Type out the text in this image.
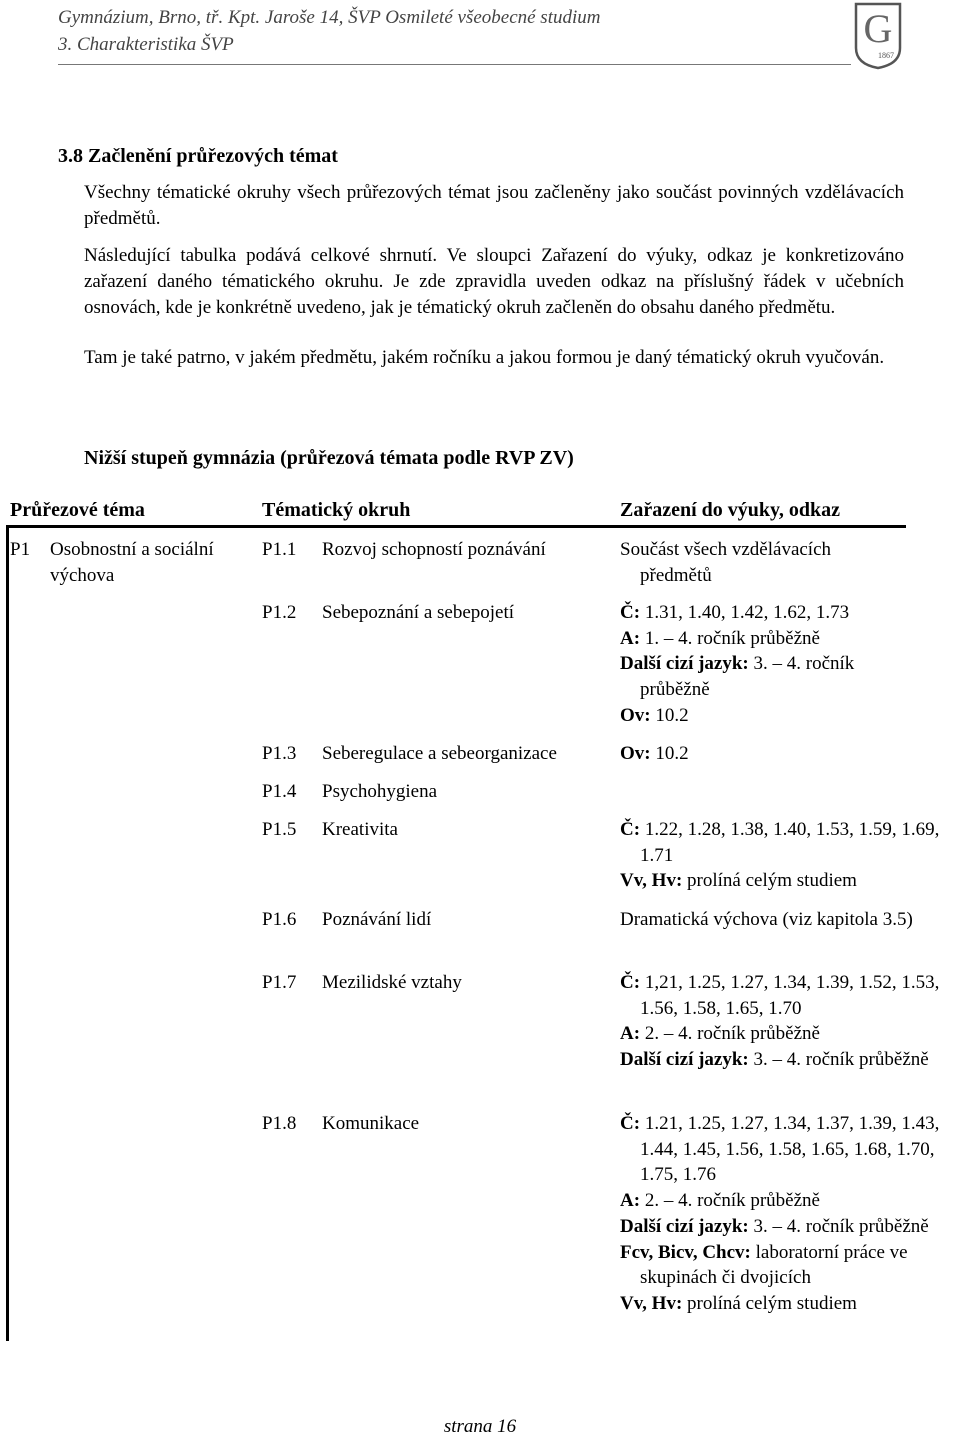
Gymnázium, Brno, tř. Kpt. Jaroše 14, ŠVP Osmileté všeobecné studium
3. Charakteristika ŠVP	G
1867
3.8 Začlenění průřezových témat

Všechny tématické okruhy všech průřezových témat jsou začleněny jako součást povinných vzdělávacích předmětů.

Následující tabulka podává celkové shrnutí. Ve sloupci Zařazení do výuky, odkaz je konkretizováno zařazení daného tématického okruhu. Je zde zpravidla uveden odkaz na příslušný řádek v učebních osnovách, kde je konkrétně uvedeno, jak je tématický okruh začleněn do obsahu daného předmětu.

Tam je také patrno, v jakém předmětu, jakém ročníku a jakou formou je daný tématický okruh vyučován.

Nižší stupeň gymnázia (průřezová témata podle RVP ZV)
Průřezové téma	Tématický okruh	Zařazení do výuky, odkaz
P1 Osobnostní a sociální
výchova
P1.1 Rozvoj schopností poznávání	Součást všech vzdělávacích předmětů
P1.2 Sebepoznání a sebepojetí	Č: 1.31, 1.40, 1.42, 1.62, 1.73
A: 1. – 4. ročník průběžně
Další cizí jazyk: 3. – 4. ročník průběžně
Ov: 10.2
P1.3 Seberegulace a sebeorganizace	Ov: 10.2
P1.4 Psychohygiena
P1.5 Kreativita	Č: 1.22, 1.28, 1.38, 1.40, 1.53, 1.59, 1.69, 1.71
Vv, Hv: prolíná celým studiem
P1.6 Poznávání lidí	Dramatická výchova (viz kapitola 3.5)
P1.7 Mezilidské vztahy	Č: 1,21, 1.25, 1.27, 1.34, 1.39, 1.52, 1.53, 1.56, 1.58, 1.65, 1.70
A: 2. – 4. ročník průběžně
Další cizí jazyk: 3. – 4. ročník průběžně
P1.8 Komunikace	Č: 1.21, 1.25, 1.27, 1.34, 1.37, 1.39, 1.43, 1.44, 1.45, 1.56, 1.58, 1.65, 1.68, 1.70, 1.75, 1.76
A: 2. – 4. ročník průběžně
Další cizí jazyk: 3. – 4. ročník průběžně
Fcv, Bicv, Chcv: laboratorní práce ve skupinách či dvojicích
Vv, Hv: prolíná celým studiem
strana 16
